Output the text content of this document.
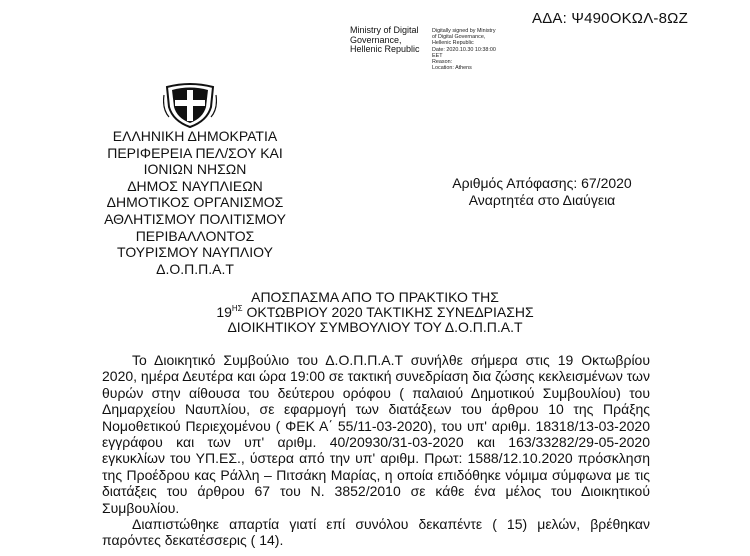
ΑΔΑ: Ψ490ΟΚΩΛ-8ΩΖ
Ministry of Digital
Governance,
Hellenic Republic
Digitally signed by Ministry
of Digital Governance,
Hellenic Republic
Date: 2020.10.30 10:38:00
EET
Reason:
Location: Athens
ΕΛΛΗΝΙΚΗ ΔΗΜΟΚΡΑΤΙΑ
ΠΕΡΙΦΕΡΕΙΑ ΠΕΛ/ΣΟΥ ΚΑΙ
ΙΟΝΙΩΝ ΝΗΣΩΝ
ΔΗΜΟΣ ΝΑΥΠΛΙΕΩΝ
ΔΗΜΟΤΙΚΟΣ ΟΡΓΑΝΙΣΜΟΣ
ΑΘΛΗΤΙΣΜΟΥ ΠΟΛΙΤΙΣΜΟΥ
ΠΕΡΙΒΑΛΛΟΝΤΟΣ
ΤΟΥΡΙΣΜΟΥ ΝΑΥΠΛΙΟΥ
Δ.Ο.Π.Π.Α.Τ
Αριθμός Απόφασης: 67/2020
Αναρτητέα στο Διαύγεια
ΑΠΟΣΠΑΣΜΑ ΑΠΟ ΤΟ ΠΡΑΚΤΙΚΟ ΤΗΣ
$19^{H\Sigma}$ ΟΚΤΩΒΡΙΟΥ 2020 ΤΑΚΤΙΚΗΣ ΣΥΝΕΔΡΙΑΣΗΣ
ΔΙΟΙΚΗΤΙΚΟΥ ΣΥΜΒΟΥΛΙΟΥ ΤΟΥ Δ.Ο.Π.Π.Α.Τ

Το Διοικητικό Συμβούλιο του Δ.Ο.Π.Π.Α.Τ συνήλθε σήμερα στις 19 Οκτωβρίου 2020, ημέρα Δευτέρα και ώρα 19:00 σε τακτική συνεδρίαση δια ζώσης κεκλεισμένων των θυρών στην αίθουσα του δεύτερου ορόφου ( παλαιού Δημοτικού Συμβουλίου) του Δημαρχείου Ναυπλίου, σε εφαρμογή των διατάξεων του άρθρου 10 της Πράξης Νομοθετικού Περιεχομένου ( ΦΕΚ Α΄ 55/11-03-2020), του υπ' αριθμ. 18318/13-03-2020 εγγράφου και των υπ' αριθμ. 40/20930/31-03-2020 και 163/33282/29-05-2020 εγκυκλίων του ΥΠ.ΕΣ., ύστερα από την υπ' αριθμ. Πρωτ: 1588/12.10.2020 πρόσκληση της Προέδρου κας Ράλλη – Πιτσάκη Μαρίας, η οποία επιδόθηκε νόμιμα σύμφωνα με τις διατάξεις του άρθρου 67 του Ν. 3852/2010 σε κάθε ένα μέλος του Διοικητικού Συμβουλίου.

Διαπιστώθηκε απαρτία γιατί επί συνόλου δεκαπέντε ( 15) μελών, βρέθηκαν παρόντες δεκατέσσερις ( 14).
